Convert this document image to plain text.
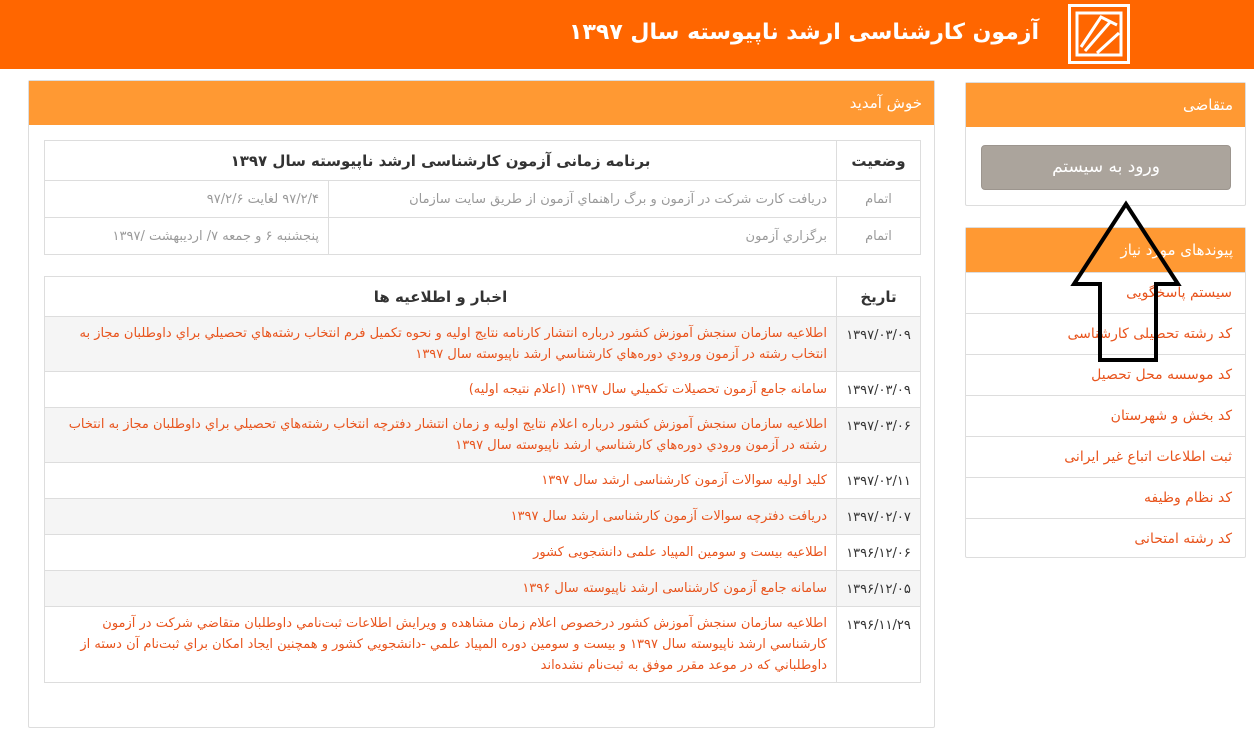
آزمون کارشناسی ارشد ناپیوسته سال ۱۳۹۷
خوش آمديد
وضعیت	برنامه زمانی آزمون کارشناسی ارشد ناپیوسته سال ۱۳۹۷	
اتمام	دريافت کارت شرکت در آزمون و برگ راهنماي آزمون از طريق سايت سازمان	۹۷/۲/۴ لغايت ۹۷/۲/۶
اتمام	برگزاري آزمون	پنجشنبه ۶ و جمعه ۷/ ارديبهشت /۱۳۹۷
تاریخ	اخبار و اطلاعیه ها
۱۳۹۷/۰۳/۰۹	اطلاعيه سازمان سنجش آموزش کشور درباره انتشار کارنامه نتايج اوليه و نحوه تكميل فرم انتخاب رشته‌هاي تحصيلي براي داوطلبان مجاز به انتخاب رشته در آزمون ورودي دوره‌هاي كارشناسي ارشد ناپيوسته سال ۱۳۹۷
۱۳۹۷/۰۳/۰۹	سامانه جامع آزمون تحصيلات تكميلي سال ۱۳۹۷ (اعلام نتيجه اوليه)
۱۳۹۷/۰۳/۰۶	اطلاعيه سازمان سنجش آموزش کشور درباره اعلام نتايج اوليه و زمان انتشار دفترچه انتخاب رشته‌هاي تحصيلي براي داوطلبان مجاز به انتخاب رشته در آزمون ورودي دوره‌هاي كارشناسي ارشد ناپيوسته سال ۱۳۹۷
۱۳۹۷/۰۲/۱۱	کلید اولیه سوالات آزمون کارشناسی ارشد سال ۱۳۹۷
۱۳۹۷/۰۲/۰۷	دریافت دفترچه سوالات آزمون کارشناسی ارشد سال ۱۳۹۷
۱۳۹۶/۱۲/۰۶	اطلاعیه بیست و سومین المپیاد علمی دانشجویی کشور
۱۳۹۶/۱۲/۰۵	سامانه جامع آزمون کارشناسی ارشد ناپیوسته سال ۱۳۹۶
۱۳۹۶/۱۱/۲۹	اطلاعيه سازمان سنجش آموزش کشور درخصوص اعلام زمان مشاهده و ويرايش اطلاعات ثبت‌نامي داوطلبان متقاضي شركت در آزمون كارشناسي ارشد ناپيوسته سال ۱۳۹۷ و بيست و سومين دوره المپياد علمي -دانشجويي كشور و همچنين ايجاد امكان براي ثبت‌نام آن دسته از داوطلباني كه در موعد مقرر موفق به ثبت‌نام نشده‌اند
متقاضی
ورود به سیستم
پیوندهای مورد نیاز
سیستم پاسخگویی
کد رشته تحصیلی کارشناسی
کد موسسه محل تحصیل
کد بخش و شهرستان
ثبت اطلاعات اتباع غیر ایرانی
کد نظام وظیفه
کد رشته امتحانی
